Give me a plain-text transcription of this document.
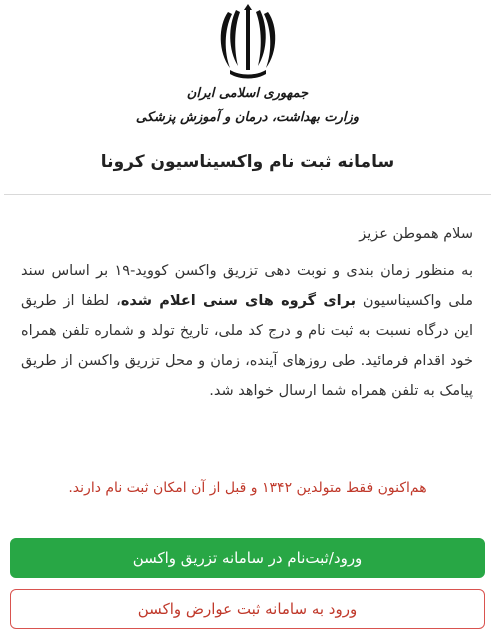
جمهوری اسلامی ایران
وزارت بهداشت، درمان و آموزش پزشکی
سامانه ثبت نام واکسیناسیون کرونا
سلام هموطن عزیز
به منظور زمان بندی و نوبت دهی تزریق واکسن کووید-۱۹ بر اساس سند ملی واکسیناسیون برای گروه های سنی اعلام شده، لطفا از طریق این درگاه نسبت به ثبت نام و درج کد ملی، تاریخ تولد و شماره تلفن همراه خود اقدام فرمائید. طی روزهای آینده، زمان و محل تزریق واکسن از طریق پیامک به تلفن همراه شما ارسال خواهد شد.
هم‌اکنون فقط متولدین ۱۳۴۲ و قبل از آن امکان ثبت نام دارند.
ورود/ثبت‌نام در سامانه تزریق واکسن
ورود به سامانه ثبت عوارض واکسن
